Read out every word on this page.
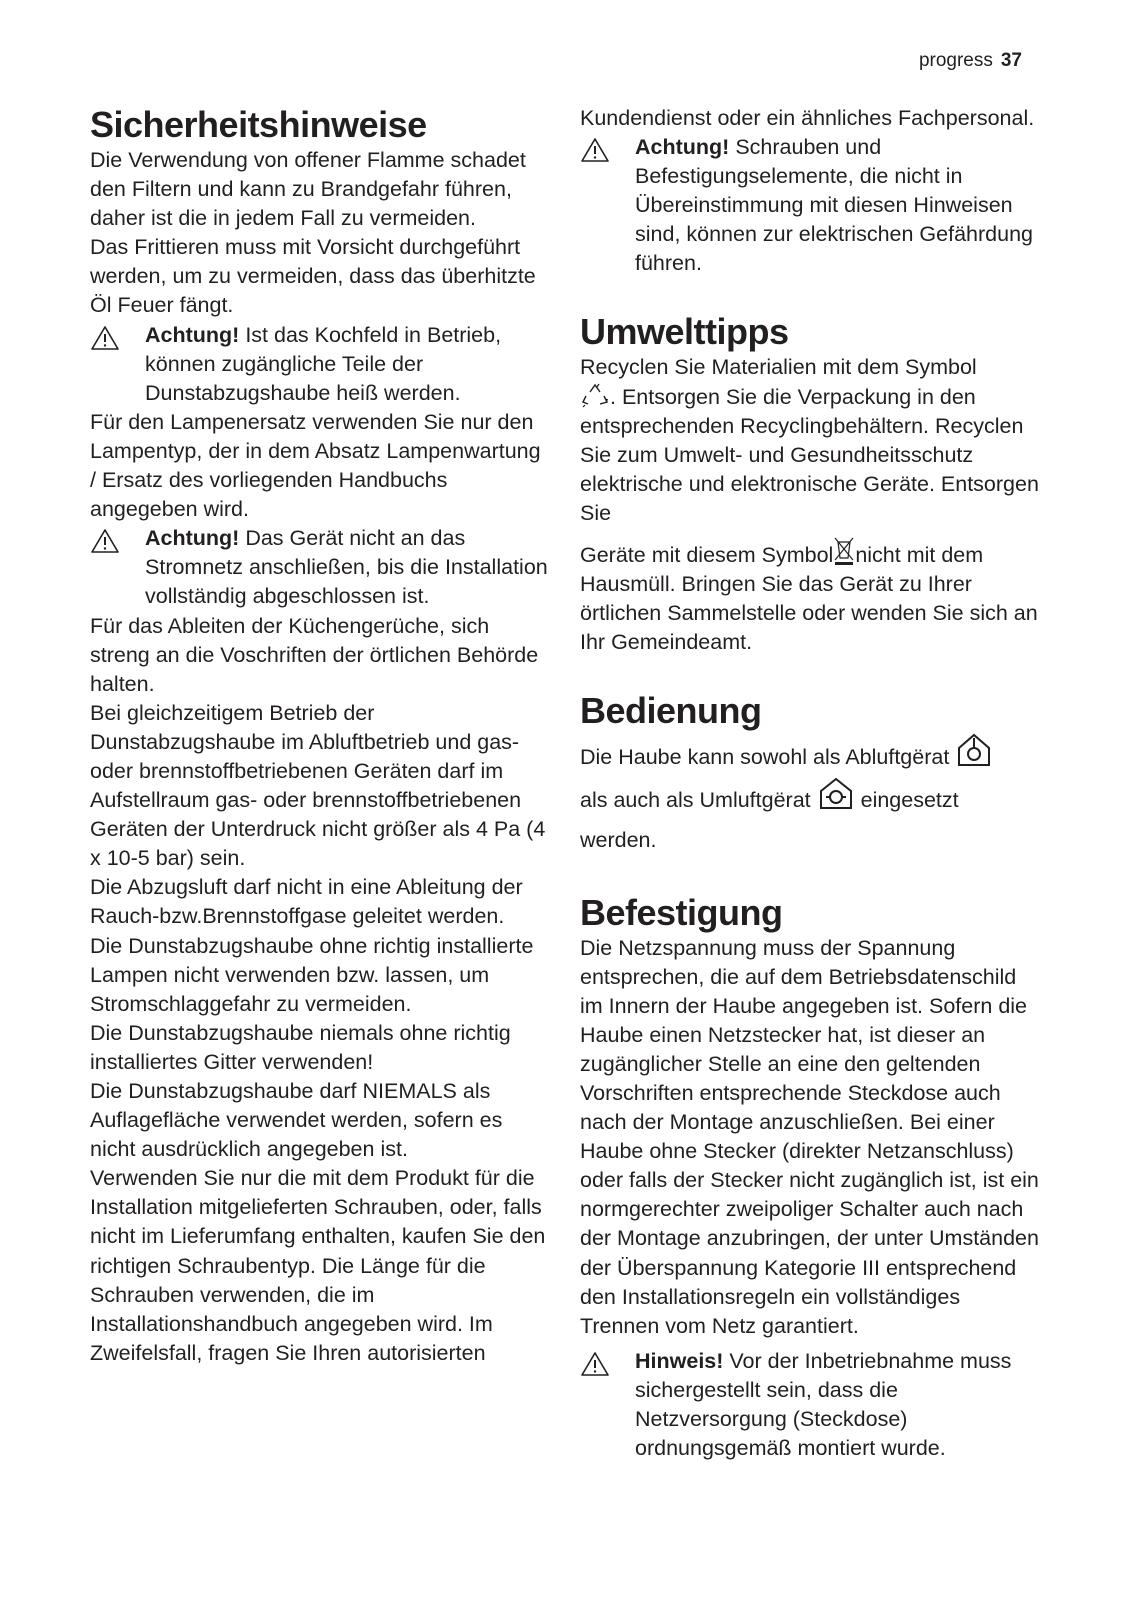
progress 37
Sicherheitshinweise

Die Verwendung von offener Flamme schadet den Filtern und kann zu Brandgefahr führen, daher ist die in jedem Fall zu vermeiden.

Das Frittieren muss mit Vorsicht durchgeführt werden, um zu vermeiden, dass das überhitzte Öl Feuer fängt.

Achtung! Ist das Kochfeld in Betrieb, können zugängliche Teile der Dunstabzugshaube heiß werden.

Für den Lampenersatz verwenden Sie nur den Lampentyp, der in dem Absatz Lampenwartung / Ersatz des vorliegenden Handbuchs angegeben wird.

Achtung! Das Gerät nicht an das Stromnetz anschließen, bis die Installation vollständig abgeschlossen ist.

Für das Ableiten der Küchengerüche, sich streng an die Voschriften der örtlichen Behörde halten.

Bei gleichzeitigem Betrieb der Dunstabzugshaube im Abluftbetrieb und gas- oder brennstoffbetriebenen Geräten darf im Aufstellraum gas- oder brennstoffbetriebenen Geräten der Unterdruck nicht größer als 4 Pa (4 x 10-5 bar) sein.

Die Abzugsluft darf nicht in eine Ableitung der Rauch-bzw.Brennstoffgase geleitet werden.

Die Dunstabzugshaube ohne richtig installierte Lampen nicht verwenden bzw. lassen, um Stromschlaggefahr zu vermeiden.

Die Dunstabzugshaube niemals ohne richtig installiertes Gitter verwenden!

Die Dunstabzugshaube darf NIEMALS als Auflagefläche verwendet werden, sofern es nicht ausdrücklich angegeben ist.

Verwenden Sie nur die mit dem Produkt für die Installation mitgelieferten Schrauben, oder, falls nicht im Lieferumfang enthalten, kaufen Sie den richtigen Schraubentyp. Die Länge für die Schrauben verwenden, die im Installationshandbuch angegeben wird. Im Zweifelsfall, fragen Sie Ihren autorisierten

Kundendienst oder ein ähnliches Fachpersonal.

Achtung! Schrauben und Befestigungselemente, die nicht in Übereinstimmung mit diesen Hinweisen sind, können zur elektrischen Gefährdung führen.
Umwelttipps

Recyclen Sie Materialien mit dem Symbol
. Entsorgen Sie die Verpackung in den entsprechenden Recyclingbehältern. Recyclen Sie zum Umwelt- und Gesundheitsschutz elektrische und elektronische Geräte. Entsorgen Sie

Geräte mit diesem Symbol nicht mit dem Hausmüll. Bringen Sie das Gerät zu Ihrer örtlichen Sammelstelle oder wenden Sie sich an Ihr Gemeindeamt.

Bedienung

Die Haube kann sowohl als Abluftgërat
als auch als Umluftgërat eingesetzt werden.

Befestigung

Die Netzspannung muss der Spannung entsprechen, die auf dem Betriebsdatenschild im Innern der Haube angegeben ist. Sofern die Haube einen Netzstecker hat, ist dieser an zugänglicher Stelle an eine den geltenden Vorschriften entsprechende Steckdose auch nach der Montage anzuschließen. Bei einer Haube ohne Stecker (direkter Netzanschluss) oder falls der Stecker nicht zugänglich ist, ist ein normgerechter zweipoliger Schalter auch nach der Montage anzubringen, der unter Umständen der Überspannung Kategorie III entsprechend den Installationsregeln ein vollständiges Trennen vom Netz garantiert.

Hinweis! Vor der Inbetriebnahme muss sichergestellt sein, dass die Netzversorgung (Steckdose) ordnungsgemäß montiert wurde.
